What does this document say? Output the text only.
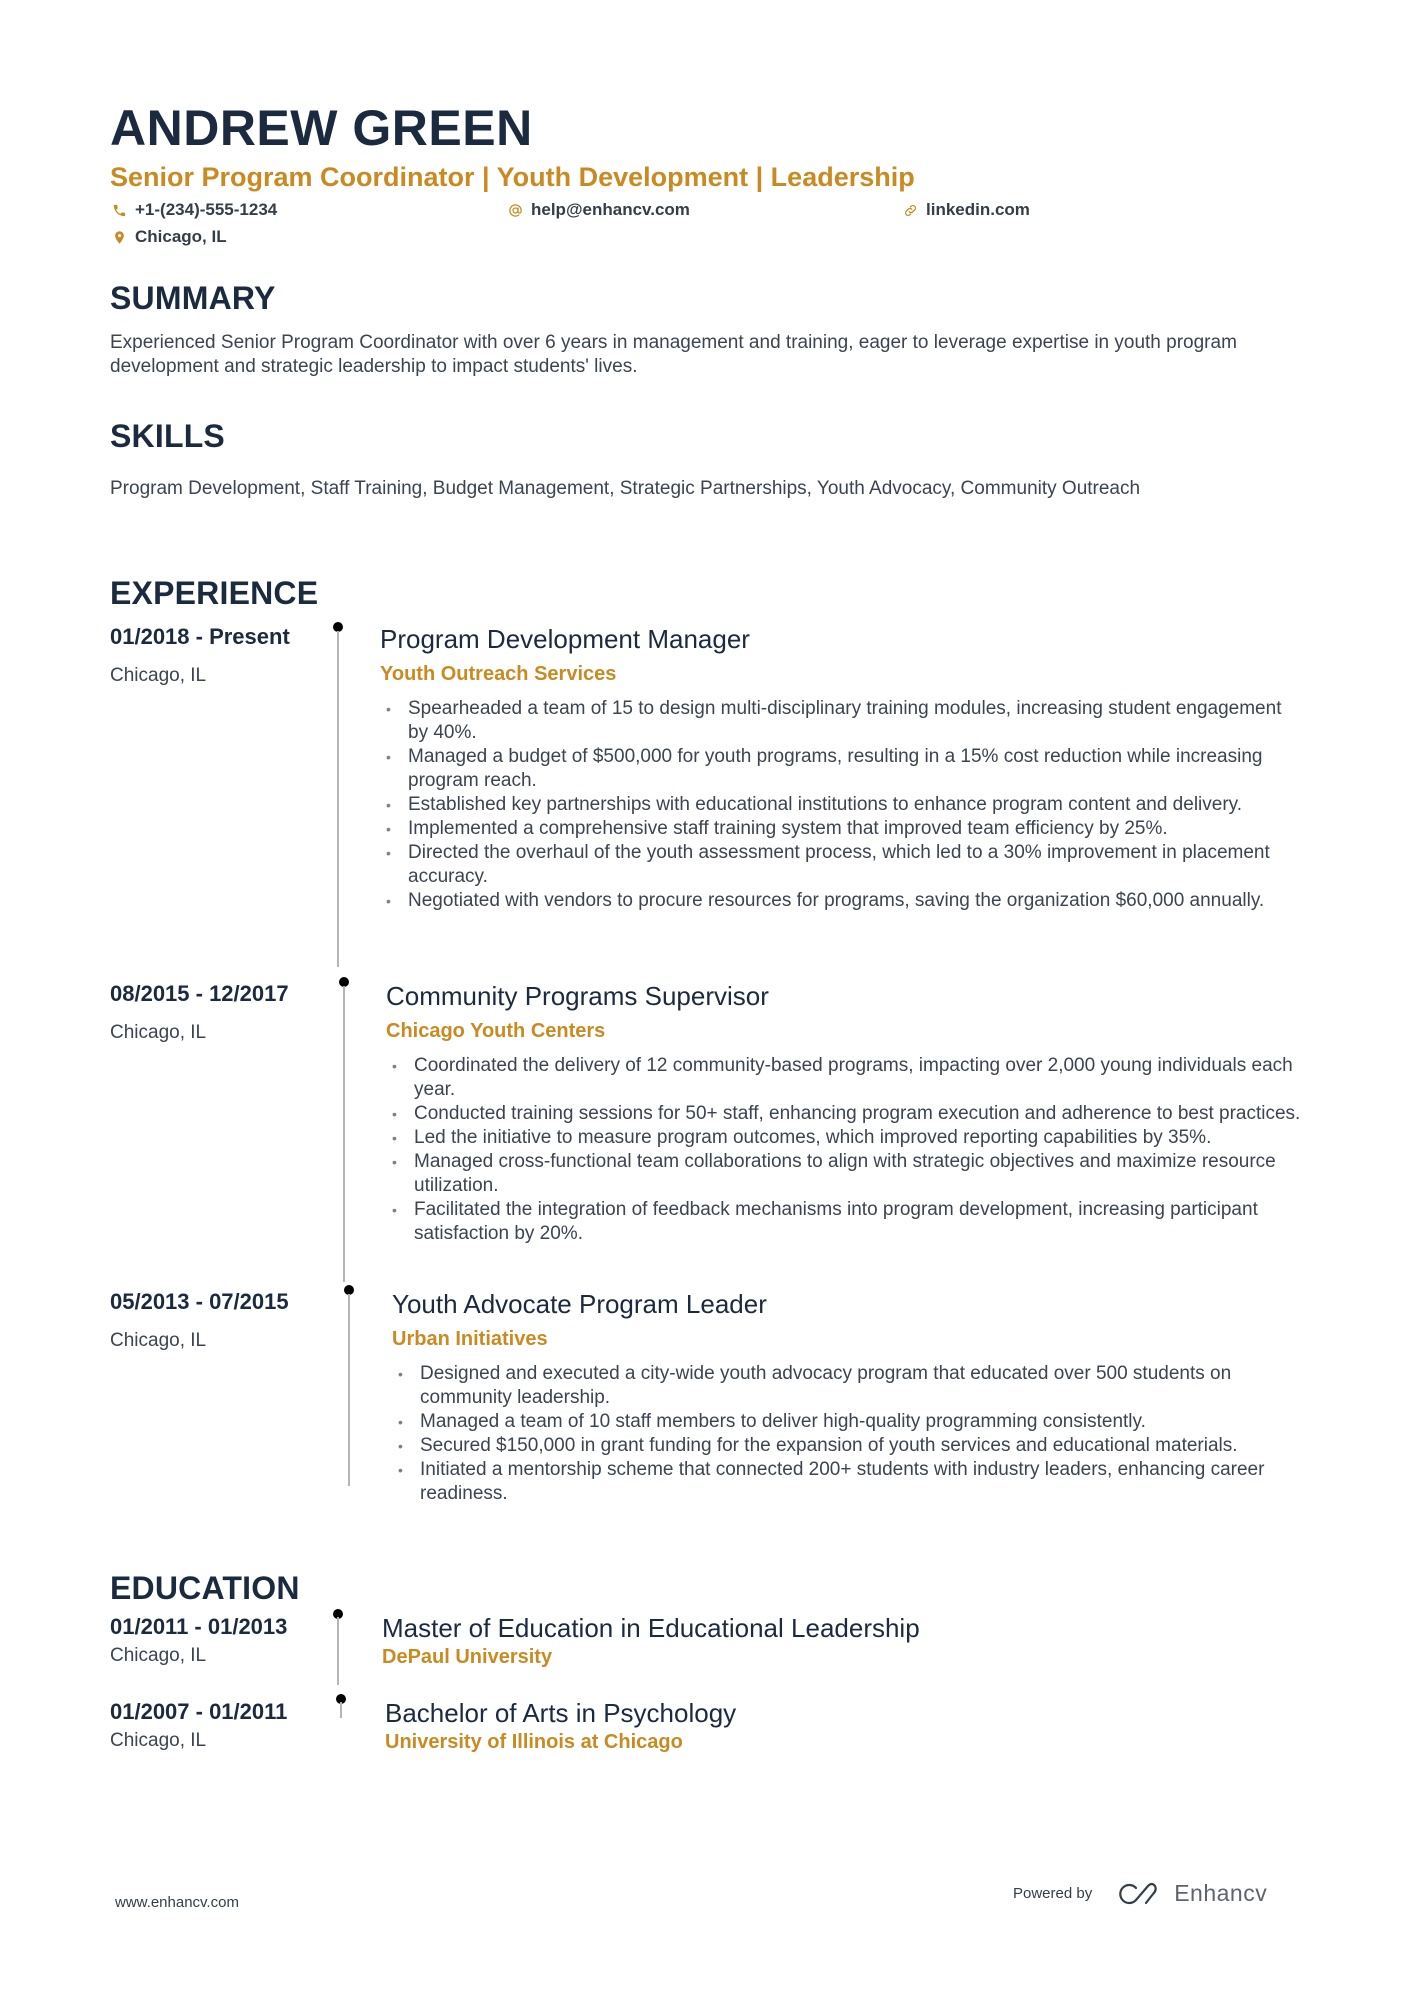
ANDREW GREEN
Senior Program Coordinator | Youth Development | Leadership
+1-(234)-555-1234	help@enhancv.com	linkedin.com
Chicago, IL
SUMMARY
Experienced Senior Program Coordinator with over 6 years in management and training, eager to leverage expertise in youth program development and strategic leadership to impact students' lives.
SKILLS
Program Development, Staff Training, Budget Management, Strategic Partnerships, Youth Advocacy, Community Outreach
EXPERIENCE
01/2018 - Present
Chicago, IL
Program Development Manager
Youth Outreach Services
• Spearheaded a team of 15 to design multi-disciplinary training modules, increasing student engagement by 40%.
• Managed a budget of $500,000 for youth programs, resulting in a 15% cost reduction while increasing program reach.
• Established key partnerships with educational institutions to enhance program content and delivery.
• Implemented a comprehensive staff training system that improved team efficiency by 25%.
• Directed the overhaul of the youth assessment process, which led to a 30% improvement in placement accuracy.
• Negotiated with vendors to procure resources for programs, saving the organization $60,000 annually.
08/2015 - 12/2017
Chicago, IL
Community Programs Supervisor
Chicago Youth Centers
• Coordinated the delivery of 12 community-based programs, impacting over 2,000 young individuals each year.
• Conducted training sessions for 50+ staff, enhancing program execution and adherence to best practices.
• Led the initiative to measure program outcomes, which improved reporting capabilities by 35%.
• Managed cross-functional team collaborations to align with strategic objectives and maximize resource utilization.
• Facilitated the integration of feedback mechanisms into program development, increasing participant satisfaction by 20%.
05/2013 - 07/2015
Chicago, IL
Youth Advocate Program Leader
Urban Initiatives
• Designed and executed a city-wide youth advocacy program that educated over 500 students on community leadership.
• Managed a team of 10 staff members to deliver high-quality programming consistently.
• Secured $150,000 in grant funding for the expansion of youth services and educational materials.
• Initiated a mentorship scheme that connected 200+ students with industry leaders, enhancing career readiness.
EDUCATION
01/2011 - 01/2013
Chicago, IL
Master of Education in Educational Leadership
DePaul University
01/2007 - 01/2011
Chicago, IL
Bachelor of Arts in Psychology
University of Illinois at Chicago
www.enhancv.com
Powered by	Enhancv
